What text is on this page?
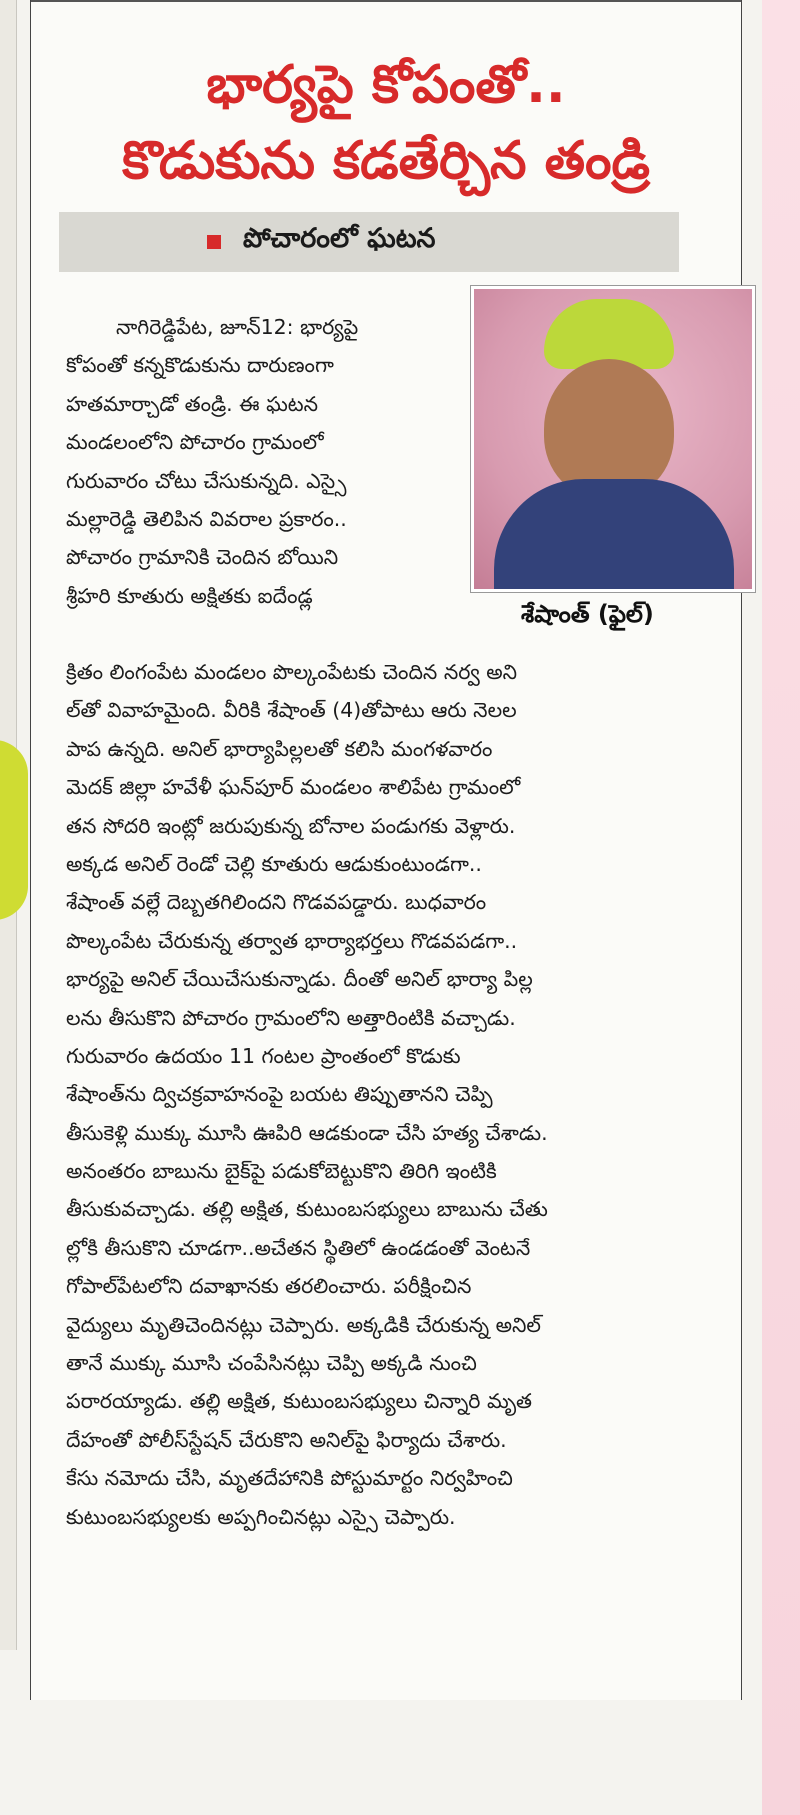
భార్యపై కోపంతో..
కొడుకును కడతేర్చిన తండ్రి
పోచారంలో ఘటన
శేషాంత్ (ఫైల్)
నాగిరెడ్డిపేట, జూన్12: భార్యపై
కోపంతో కన్నకొడుకును దారుణంగా
హతమార్చాడో తండ్రి. ఈ ఘటన
మండలంలోని పోచారం గ్రామంలో
గురువారం చోటు చేసుకున్నది. ఎస్సై
మల్లారెడ్డి తెలిపిన వివరాల ప్రకారం..
పోచారం గ్రామానికి చెందిన బోయిని
శ్రీహరి కూతురు అక్షితకు ఐదేండ్ల
క్రితం లింగంపేట మండలం పొల్కంపేటకు చెందిన నర్వ అని
ల్‌తో వివాహమైంది. వీరికి శేషాంత్ (4)తోపాటు ఆరు నెలల
పాప ఉన్నది. అనిల్ భార్యాపిల్లలతో కలిసి మంగళవారం
మెదక్ జిల్లా హవేళీ ఘన్‌పూర్ మండలం శాలిపేట గ్రామంలో
తన సోదరి ఇంట్లో జరుపుకున్న బోనాల పండుగకు వెళ్లారు.
అక్కడ అనిల్ రెండో చెల్లి కూతురు ఆడుకుంటుండగా..
శేషాంత్ వల్లే దెబ్బతగిలిందని గొడవపడ్డారు. బుధవారం
పొల్కంపేట చేరుకున్న తర్వాత భార్యాభర్తలు గొడవపడగా..
భార్యపై అనిల్ చేయిచేసుకున్నాడు. దీంతో అనిల్ భార్యా పిల్ల
లను తీసుకొని పోచారం గ్రామంలోని అత్తారింటికి వచ్చాడు.
గురువారం ఉదయం 11 గంటల ప్రాంతంలో కొడుకు
శేషాంత్‌ను ద్విచక్రవాహనంపై బయట తిప్పుతానని చెప్పి
తీసుకెళ్లి ముక్కు మూసి ఊపిరి ఆడకుండా చేసి హత్య చేశాడు.
అనంతరం బాబును బైక్‌పై పడుకోబెట్టుకొని తిరిగి ఇంటికి
తీసుకువచ్చాడు. తల్లి అక్షిత, కుటుంబసభ్యులు బాబును చేతు
ల్లోకి తీసుకొని చూడగా..అచేతన స్థితిలో ఉండడంతో వెంటనే
గోపాల్‌పేటలోని దవాఖానకు తరలించారు. పరీక్షించిన
వైద్యులు మృతిచెందినట్లు చెప్పారు. అక్కడికి చేరుకున్న అనిల్
తానే ముక్కు మూసి చంపేసినట్లు చెప్పి అక్కడి నుంచి
పరారయ్యాడు. తల్లి అక్షిత, కుటుంబసభ్యులు చిన్నారి మృత
దేహంతో పోలీస్‌స్టేషన్ చేరుకొని అనిల్‌పై ఫిర్యాదు చేశారు.
కేసు నమోదు చేసి, మృతదేహానికి పోస్టుమార్టం నిర్వహించి
కుటుంబసభ్యులకు అప్పగించినట్లు ఎస్సై చెప్పారు.
